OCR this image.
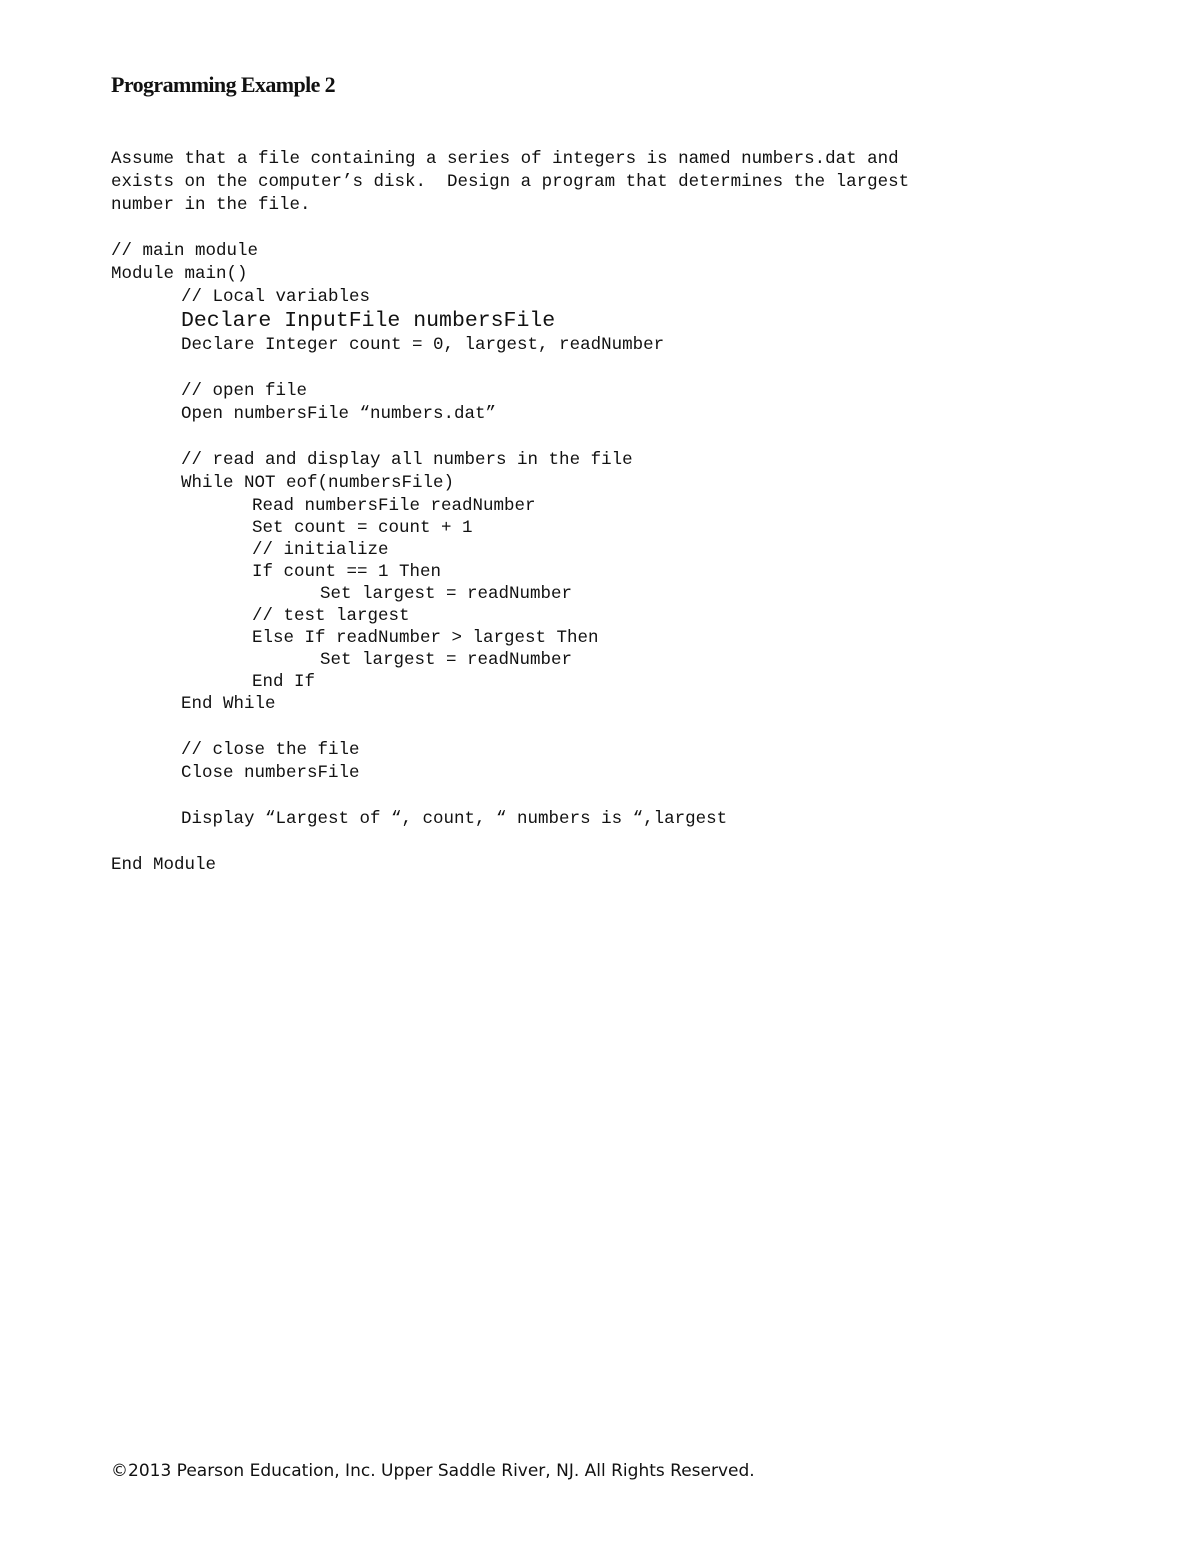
Programming Example 2
Assume that a file containing a series of integers is named numbers.dat and
exists on the computer’s disk.  Design a program that determines the largest
number in the file.
// main module
Module main()
// Local variables
Declare InputFile numbersFile
Declare Integer count = 0, largest, readNumber
// open file
Open numbersFile “numbers.dat”
// read and display all numbers in the file
While NOT eof(numbersFile)
Read numbersFile readNumber
Set count = count + 1
// initialize
If count == 1 Then
Set largest = readNumber
// test largest
Else If readNumber > largest Then
Set largest = readNumber
End If
End While
// close the file
Close numbersFile
Display “Largest of “, count, “ numbers is “,largest
End Module

©2013 Pearson Education, Inc. Upper Saddle River, NJ. All Rights Reserved.
